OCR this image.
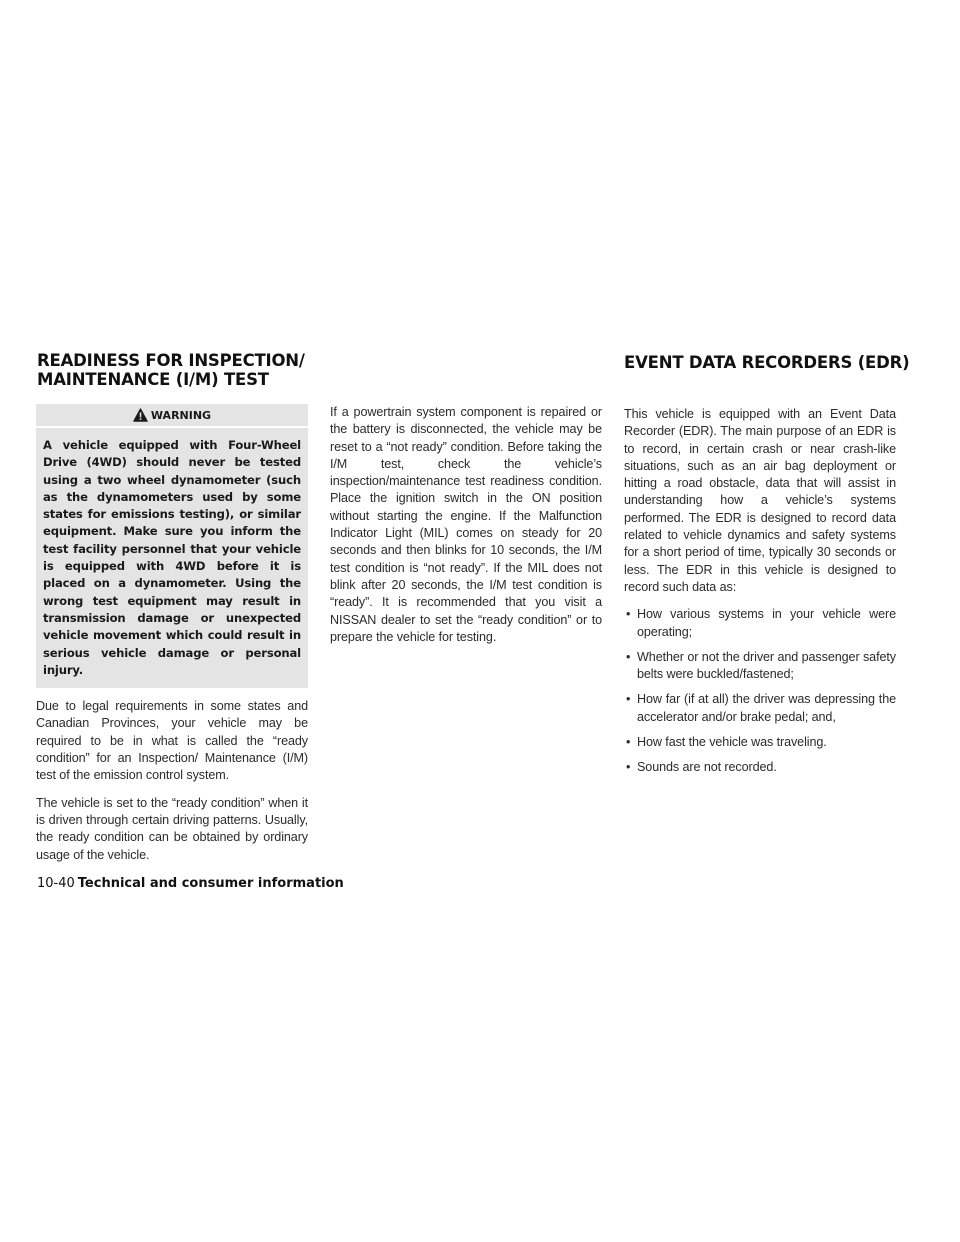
READINESS FOR INSPECTION/
MAINTENANCE (I/M) TEST
EVENT DATA RECORDERS (EDR)
WARNING
A vehicle equipped with Four-Wheel Drive (4WD) should never be tested using a two wheel dynamometer (such as the dynamometers used by some states for emissions testing), or similar equipment. Make sure you inform the test facility personnel that your vehicle is equipped with 4WD before it is placed on a dynamometer. Using the wrong test equipment may result in transmission damage or unexpected vehicle movement which could result in serious vehicle damage or personal injury.

Due to legal requirements in some states and Canadian Provinces, your vehicle may be required to be in what is called the “ready condition” for an Inspection/ Maintenance (I/M) test of the emission control system.

The vehicle is set to the “ready condition” when it is driven through certain driving patterns. Usually, the ready condition can be obtained by ordinary usage of the vehicle.

If a powertrain system component is repaired or the battery is disconnected, the vehicle may be reset to a “not ready” condition. Before taking the I/M test, check the vehicle’s inspection/maintenance test readiness condition. Place the ignition switch in the ON position without starting the engine. If the Malfunction Indicator Light (MIL) comes on steady for 20 seconds and then blinks for 10 seconds, the I/M test condition is “not ready”. If the MIL does not blink after 20 seconds, the I/M test condition is “ready”. It is recommended that you visit a NISSAN dealer to set the “ready condition” or to prepare the vehicle for testing.

This vehicle is equipped with an Event Data Recorder (EDR). The main purpose of an EDR is to record, in certain crash or near crash-like situations, such as an air bag deployment or hitting a road obstacle, data that will assist in understanding how a vehicle’s systems performed. The EDR is designed to record data related to vehicle dynamics and safety systems for a short period of time, typically 30 seconds or less. The EDR in this vehicle is designed to record such data as:

• How various systems in your vehicle were operating;
• Whether or not the driver and passenger safety belts were buckled/fastened;
• How far (if at all) the driver was depressing the accelerator and/or brake pedal; and,
• How fast the vehicle was traveling.
• Sounds are not recorded.
10-40 Technical and consumer information
